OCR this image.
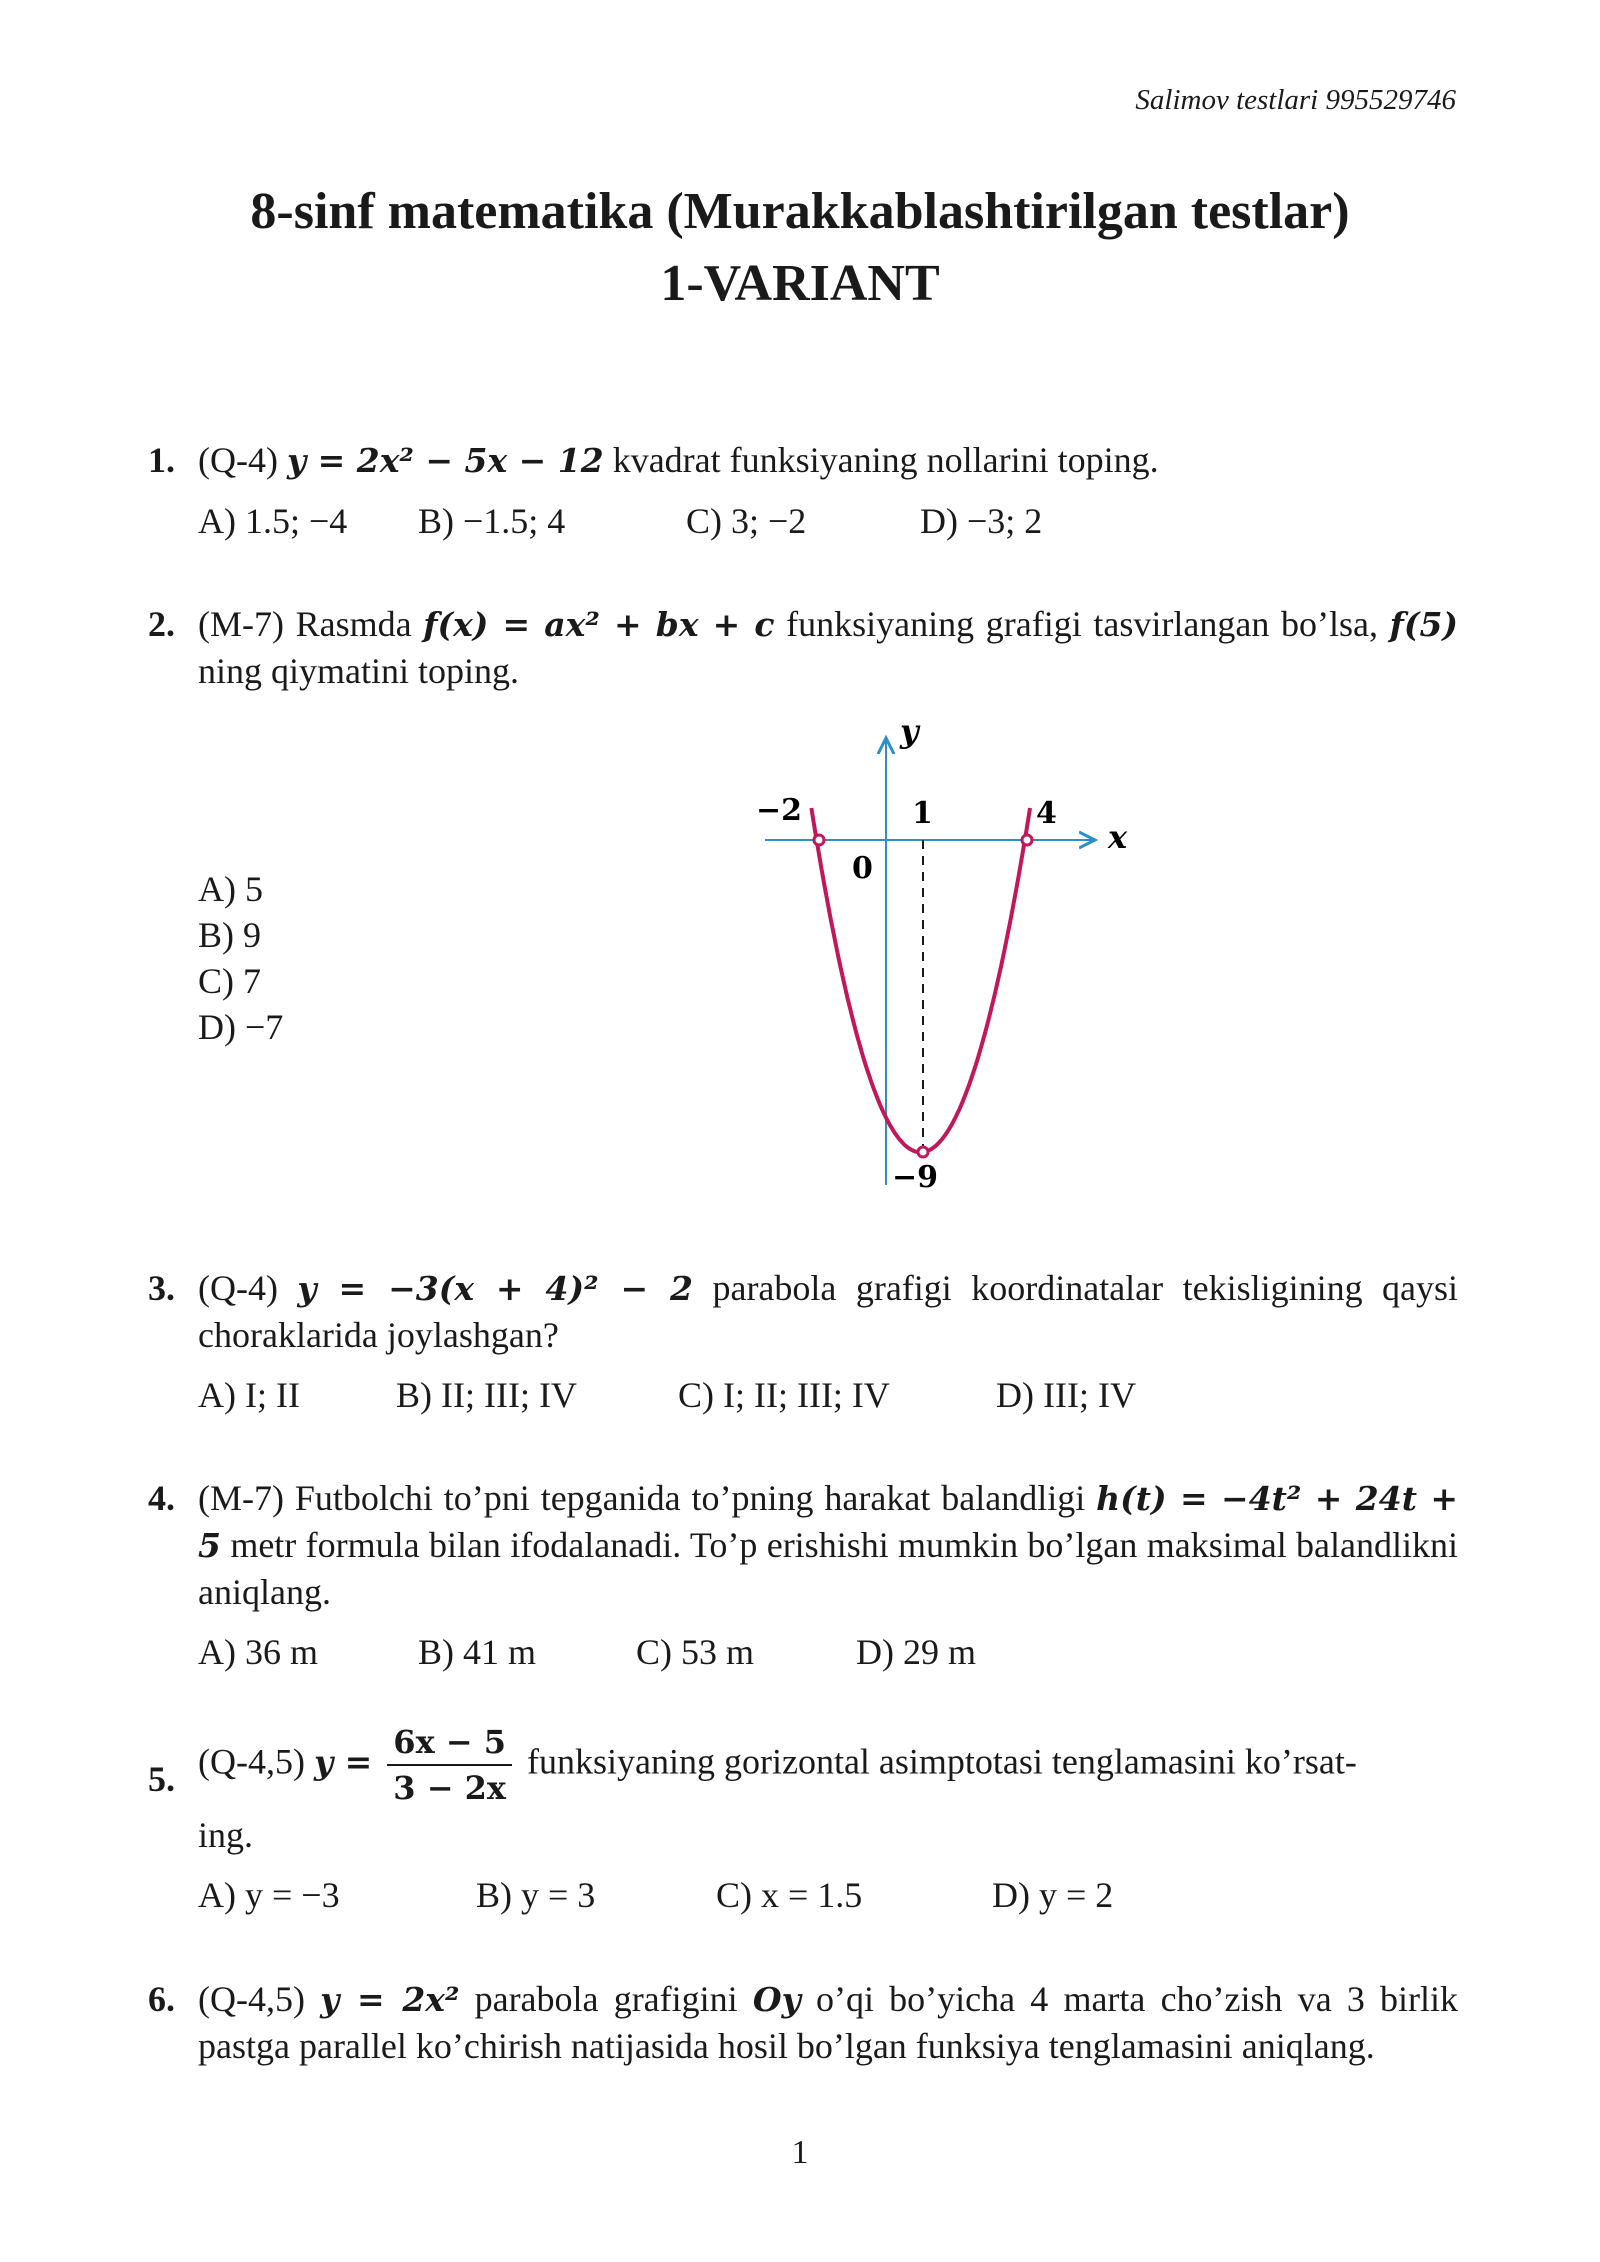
Salimov testlari 995529746
8-sinf matematika (Murakkablashtirilgan testlar)
1-VARIANT
1. (Q-4) y = 2x² − 5x − 12 kvadrat funksiyaning nollarini toping.
A) 1.5; −4	B) −1.5; 4	C) 3; −2	D) −3; 2
2. (M-7) Rasmda f(x) = ax² + bx + c funksiyaning grafigi tasvirlangan bo’lsa, f(5) ning qiymatini toping.
A) 5
B) 9
C) 7
D) −7
−2	4
1
−9
0
x
y
3. (Q-4) y = −3(x + 4)² − 2 parabola grafigi koordinatalar tekisligining qaysi choraklarida joylashgan?
A) I; II	B) II; III; IV	C) I; II; III; IV	D) III; IV
4. (M-7) Futbolchi to’pni tepganida to’pning harakat balandligi h(t) = −4t² + 24t + 5 metr formula bilan ifodalanadi. To’p erishishi mumkin bo’lgan maksimal balandlikni aniqlang.
A) 36 m	B) 41 m	C) 53 m	D) 29 m
5. (Q-4,5) $y = \frac{6x - 5}{3 - 2x}$ funksiyaning gorizontal asimptotasi tenglamasini ko’rsat-
ing.
A) y = −3	B) y = 3	C) x = 1.5	D) y = 2
6. (Q-4,5) y = 2x² parabola grafigini Oy o’qi bo’yicha 4 marta cho’zish va 3 birlik pastga parallel ko’chirish natijasida hosil bo’lgan funksiya tenglamasini aniqlang.
1
